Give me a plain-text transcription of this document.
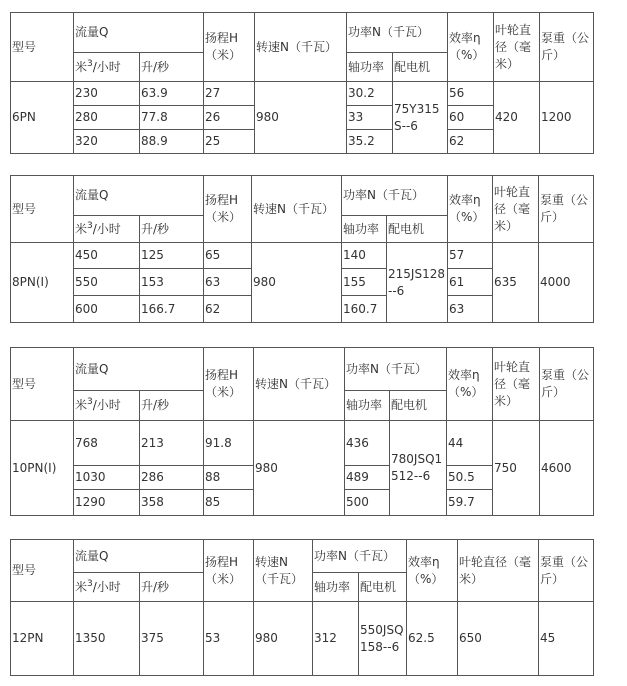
型号	流量Q		扬程H（米）	转速N（千瓦）	功率N（千瓦）		效率η（%）	叶轮直径（毫米）	泵重（公斤）
	米$^3$/小时	升/秒			轴功率	配电机			
6PN	230	63.9	27	980	30.2	75Y315S--6	56	420	1200
	280	77.8	26		33		60		
	320	88.9	25		35.2		62		
型号	流量Q		扬程H（米）	转速N（千瓦）	功率N（千瓦）		效率η（%）	叶轮直径（毫米）	泵重（公斤）
	米$^3$/小时	升/秒			轴功率	配电机			
8PN(I)	450	125	65	980	140	215JS128--6	57	635	4000
	550	153	63		155		61		
	600	166.7	62		160.7		63		
型号	流量Q		扬程H（米）	转速N（千瓦）	功率N（千瓦）		效率η（%）	叶轮直径（毫米）	泵重（公斤）
	米$^3$/小时	升/秒			轴功率	配电机			
10PN(I)	768	213	91.8	980	436	780JSQ1512--6	44	750	4600
	1030	286	88		489		50.5		
	1290	358	85		500		59.7		
型号	流量Q		扬程H（米）	转速N（千瓦）	功率N（千瓦）		效率η（%）	叶轮直径（毫米）	泵重（公斤）
	米$^3$/小时	升/秒			轴功率	配电机			
12PN	1350	375	53	980	312	550JSQ158--6	62.5	650	45
